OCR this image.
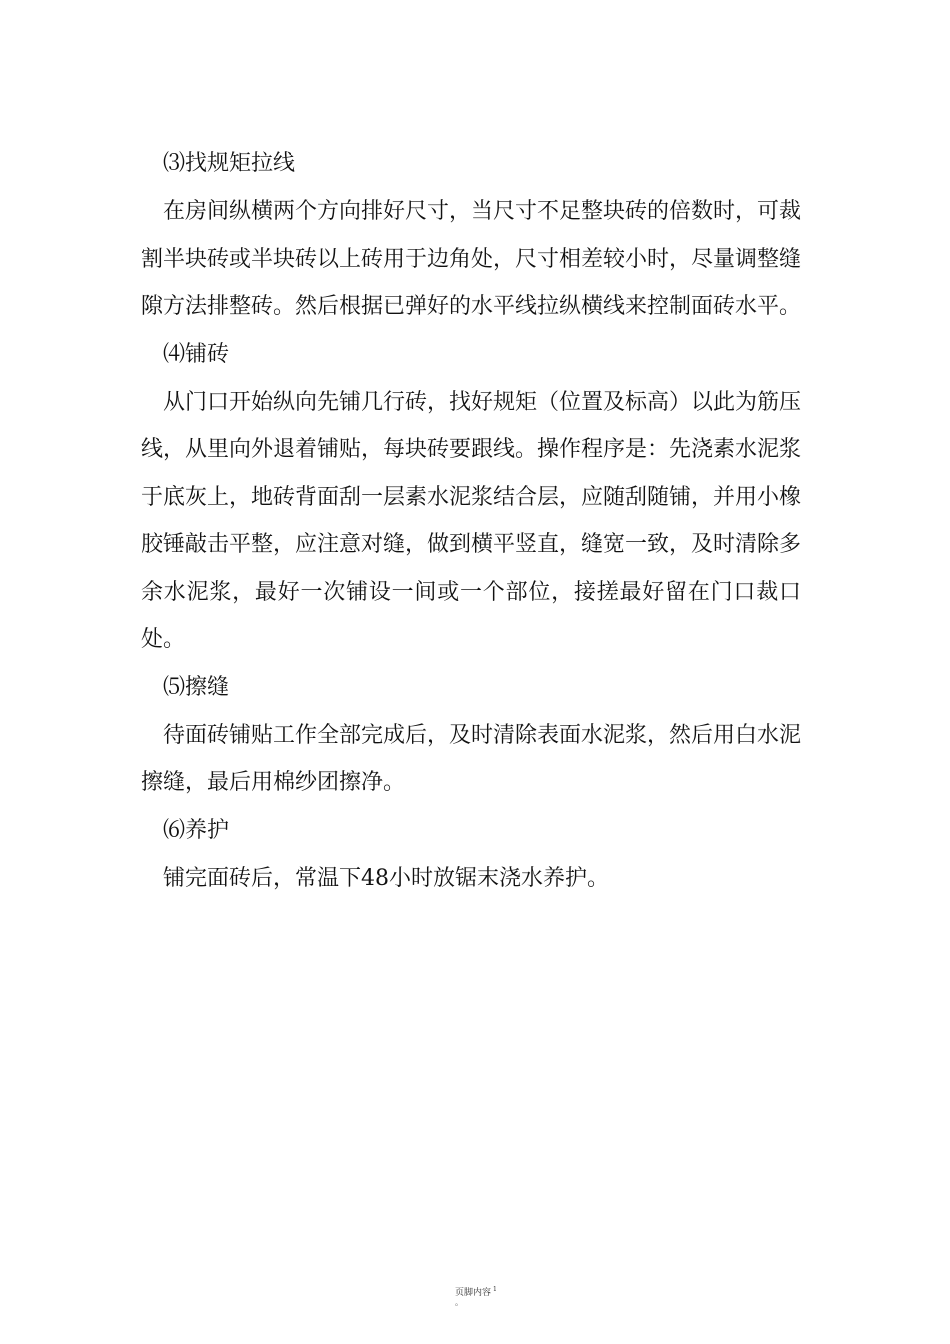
⑶找规矩拉线

在房间纵横两个方向排好尺寸，当尺寸不足整块砖的倍数时，可裁割半块砖或半块砖以上砖用于边角处，尺寸相差较小时，尽量调整缝隙方法排整砖。然后根据已弹好的水平线拉纵横线来控制面砖水平。

⑷铺砖

从门口开始纵向先铺几行砖，找好规矩（位置及标高）以此为筋压线，从里向外退着铺贴，每块砖要跟线。操作程序是：先浇素水泥浆于底灰上，地砖背面刮一层素水泥浆结合层，应随刮随铺，并用小橡胶锤敲击平整，应注意对缝，做到横平竖直，缝宽一致，及时清除多余水泥浆，最好一次铺设一间或一个部位，接搓最好留在门口裁口处。

⑸擦缝

待面砖铺贴工作全部完成后，及时清除表面水泥浆，然后用白水泥擦缝，最后用棉纱团擦净。

⑹养护

铺完面砖后，常温下48小时放锯末浇水养护。

页脚内容 $^1$
。
